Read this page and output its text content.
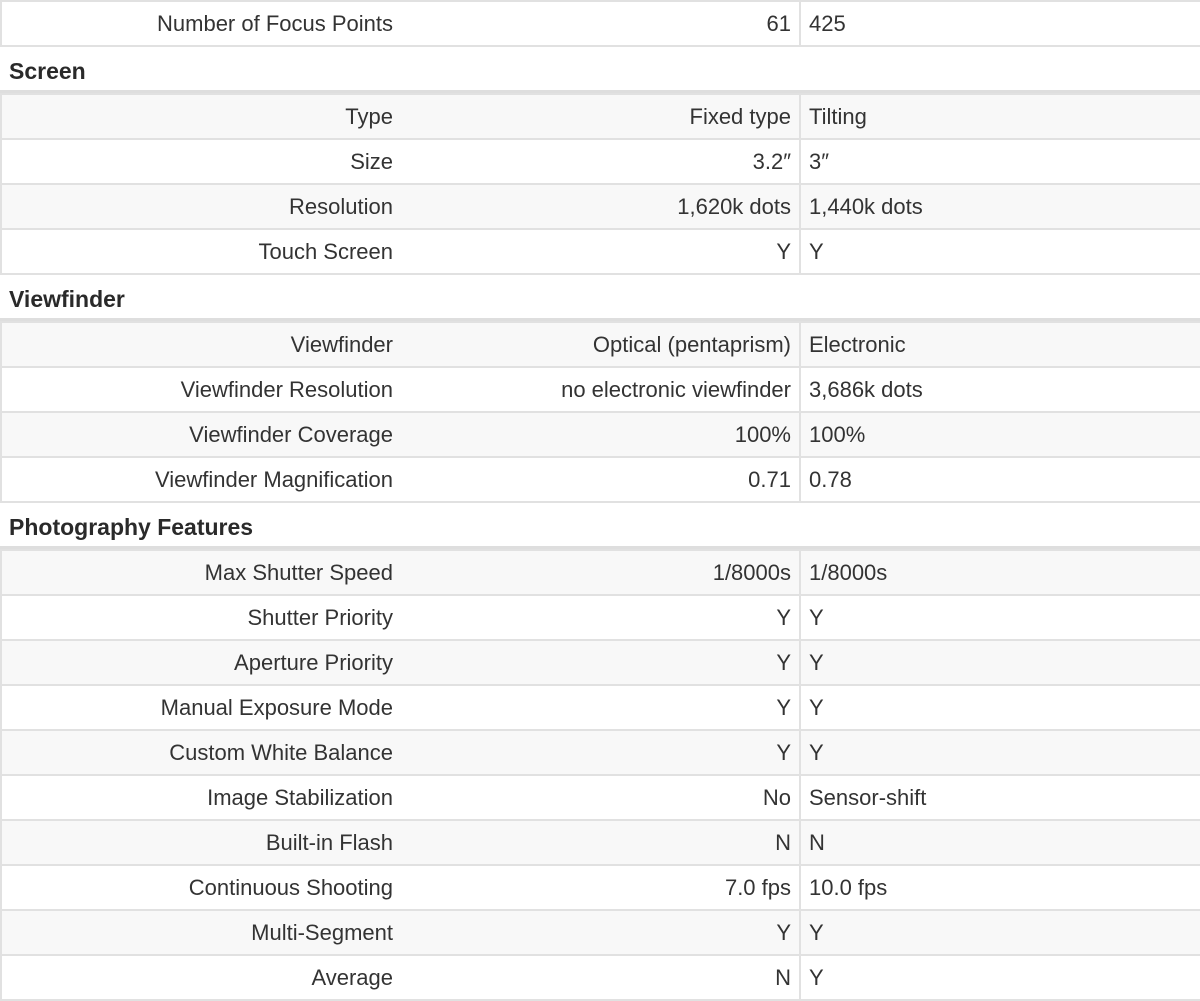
Number of Focus Points	61	425
Screen
Type	Fixed type	Tilting
Size	3.2″	3″
Resolution	1,620k dots	1,440k dots
Touch Screen	Y	Y
Viewfinder
Viewfinder	Optical (pentaprism)	Electronic
Viewfinder Resolution	no electronic viewfinder	3,686k dots
Viewfinder Coverage	100%	100%
Viewfinder Magnification	0.71	0.78
Photography Features
Max Shutter Speed	1/8000s	1/8000s
Shutter Priority	Y	Y
Aperture Priority	Y	Y
Manual Exposure Mode	Y	Y
Custom White Balance	Y	Y
Image Stabilization	No	Sensor-shift
Built-in Flash	N	N
Continuous Shooting	7.0 fps	10.0 fps
Multi-Segment	Y	Y
Average	N	Y
